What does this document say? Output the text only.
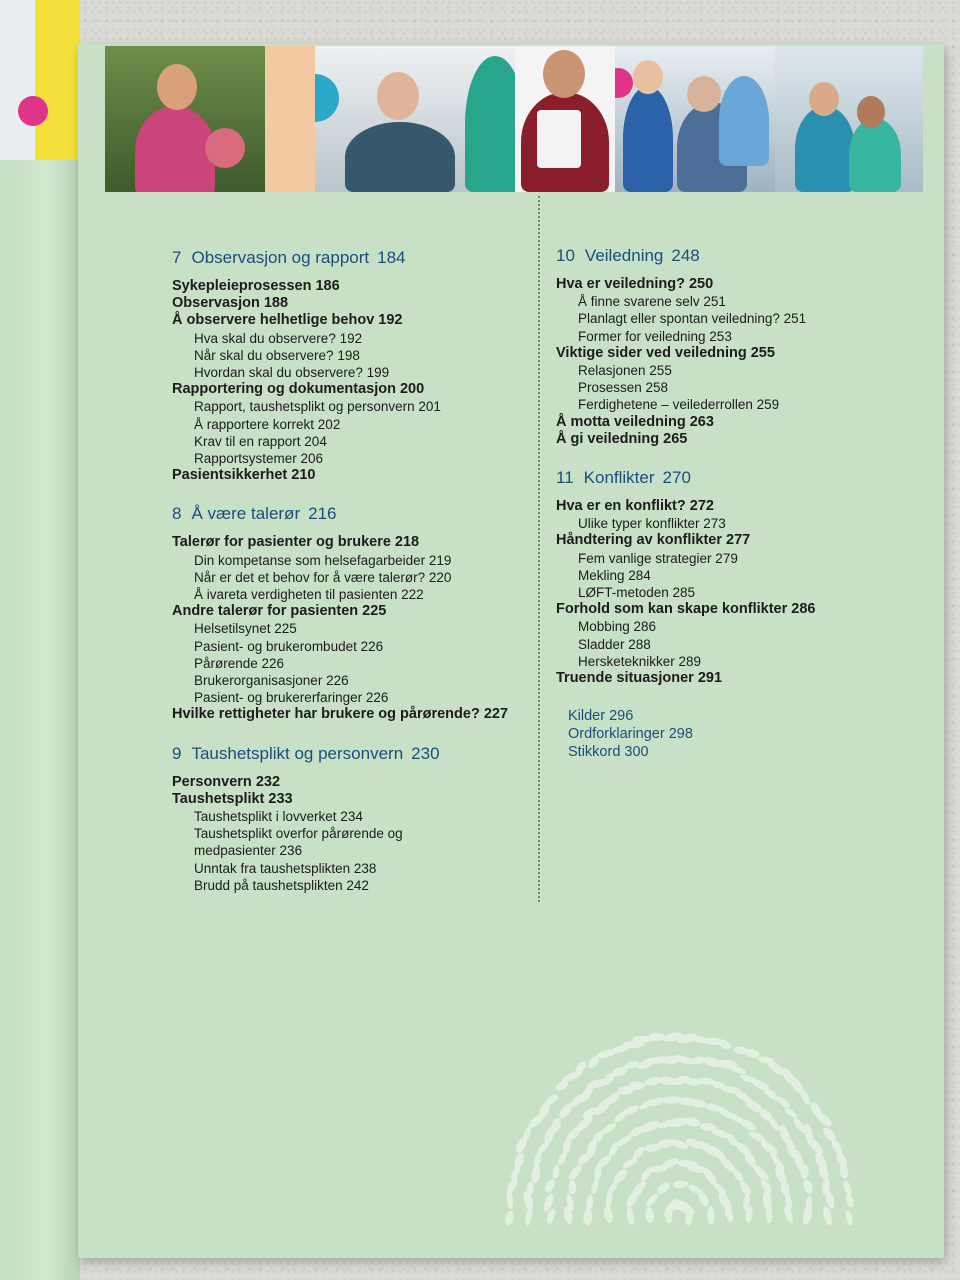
7 Observasjon og rapport 184
Sykepleieprosessen 186
Observasjon 188
Å observere helhetlige behov 192
Hva skal du observere? 192
Når skal du observere? 198
Hvordan skal du observere? 199
Rapportering og dokumentasjon 200
Rapport, taushetsplikt og personvern 201
Å rapportere korrekt 202
Krav til en rapport 204
Rapportsystemer 206
Pasientsikkerhet 210
8 Å være talerør 216
Talerør for pasienter og brukere 218
Din kompetanse som helsefagarbeider 219
Når er det et behov for å være talerør? 220
Å ivareta verdigheten til pasienten 222
Andre talerør for pasienten 225
Helsetilsynet 225
Pasient- og brukerombudet 226
Pårørende 226
Brukerorganisasjoner 226
Pasient- og brukererfaringer 226
Hvilke rettigheter har brukere og pårørende? 227
9 Taushetsplikt og personvern 230
Personvern 232
Taushetsplikt 233
Taushetsplikt i lovverket 234
Taushetsplikt overfor pårørende og
medpasienter 236
Unntak fra taushetsplikten 238
Brudd på taushetsplikten 242
10 Veiledning 248
Hva er veiledning? 250
Å finne svarene selv 251
Planlagt eller spontan veiledning? 251
Former for veiledning 253
Viktige sider ved veiledning 255
Relasjonen 255
Prosessen 258
Ferdighetene – veilederrollen 259
Å motta veiledning 263
Å gi veiledning 265
11 Konflikter 270
Hva er en konflikt? 272
Ulike typer konflikter 273
Håndtering av konflikter 277
Fem vanlige strategier 279
Mekling 284
LØFT-metoden 285
Forhold som kan skape konflikter 286
Mobbing 286
Sladder 288
Hersketeknikker 289
Truende situasjoner 291
Kilder 296
Ordforklaringer 298
Stikkord 300
